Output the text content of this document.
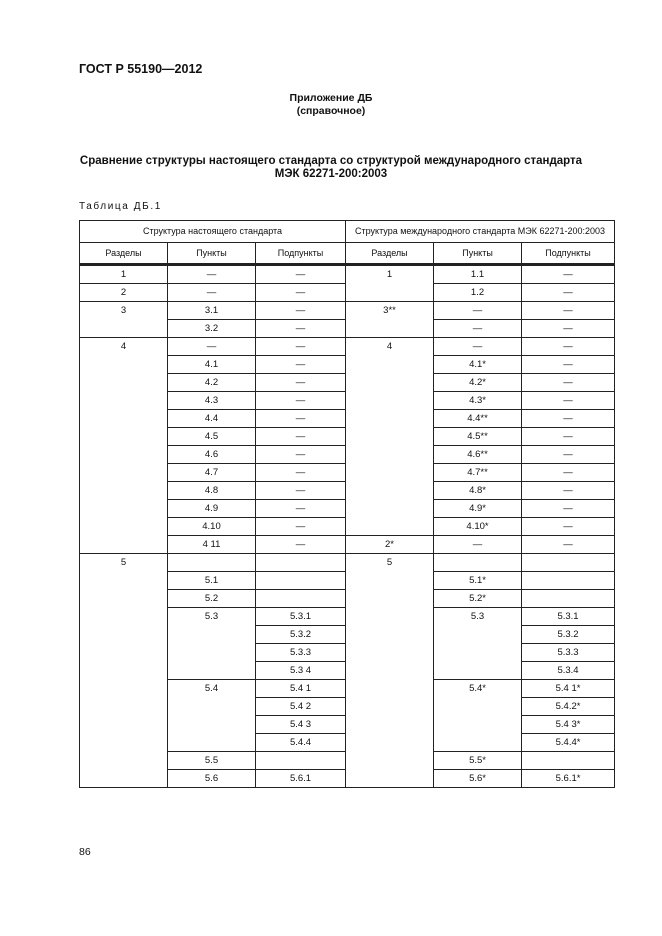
ГОСТ Р 55190—2012
Приложение ДБ
(справочное)
Сравнение структуры настоящего стандарта со структурой международного стандарта
МЭК 62271-200:2003
Таблица ДБ.1
Структура настоящего стандарта			Структура международного стандарта МЭК 62271-200:2003		
Разделы	Пункты	Подпункты	Разделы	Пункты	Подпункты

1	—	—	1	1.1	—
2	—	—		1.2	—
3	3.1	—	3**	—	—
	3.2	—		—	—
4	—	—	4	—	—
	4.1	—		4.1*	—
	4.2	—		4.2*	—
	4.3	—		4.3*	—
	4.4	—		4.4**	—
	4.5	—		4.5**	—
	4.6	—		4.6**	—
	4.7	—		4.7**	—
	4.8	—		4.8*	—
	4.9	—		4.9*	—
	4.10	—		4.10*	—
	4 11	—	2*	—	—
5			5		
	5.1			5.1*	
	5.2			5.2*	
	5.3	5.3.1		5.3	5.3.1
		5.3.2			5.3.2
		5.3.3			5.3.3
		5.3 4			5.3.4
	5.4	5.4 1		5.4*	5.4 1*
		5.4 2			5.4.2*
		5.4 3			5.4 3*
		5.4.4			5.4.4*
	5.5			5.5*	
	5.6	5.6.1		5.6*	5.6.1*
86
